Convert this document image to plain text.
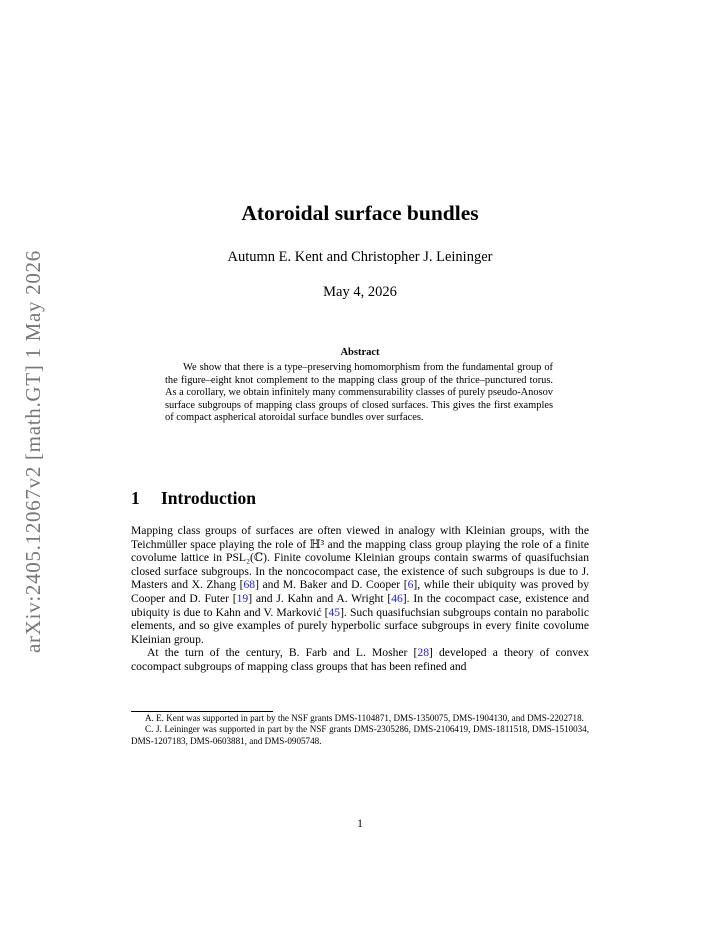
arXiv:2405.12067v2 [math.GT] 1 May 2026
Atoroidal surface bundles
Autumn E. Kent and Christopher J. Leininger
May 4, 2026
Abstract
We show that there is a type–preserving homomorphism from the fundamental group of the figure–eight knot complement to the mapping class group of the thrice–punctured torus. As a corollary, we obtain infinitely many commensurability classes of purely pseudo-Anosov surface subgroups of mapping class groups of closed surfaces. This gives the first examples of compact aspherical atoroidal surface bundles over surfaces.
1 Introduction

Mapping class groups of surfaces are often viewed in analogy with Kleinian groups, with the Teichmüller space playing the role of ℍ³ and the mapping class group playing the role of a finite covolume lattice in PSL₂(ℂ). Finite covolume Kleinian groups contain swarms of quasifuchsian closed surface subgroups. In the noncocompact case, the existence of such subgroups is due to J. Masters and X. Zhang [68] and M. Baker and D. Cooper [6], while their ubiquity was proved by Cooper and D. Futer [19] and J. Kahn and A. Wright [46]. In the cocompact case, existence and ubiquity is due to Kahn and V. Marković [45]. Such quasifuchsian subgroups contain no parabolic elements, and so give examples of purely hyperbolic surface subgroups in every finite covolume Kleinian group.

At the turn of the century, B. Farb and L. Mosher [28] developed a theory of convex cocompact subgroups of mapping class groups that has been refined and

A. E. Kent was supported in part by the NSF grants DMS-1104871, DMS-1350075, DMS-1904130, and DMS-2202718.

C. J. Leininger was supported in part by the NSF grants DMS-2305286, DMS-2106419, DMS-1811518, DMS-1510034, DMS-1207183, DMS-0603881, and DMS-0905748.

1
